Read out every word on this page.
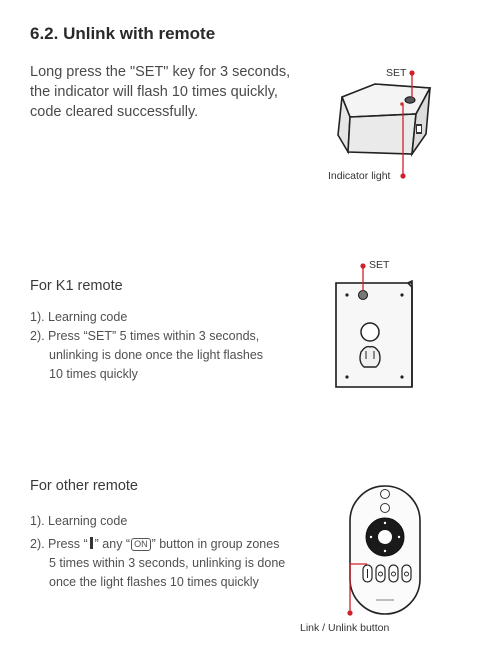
6.2. Unlink with remote
Long press the "SET" key for 3 seconds,
the indicator will flash 10 times quickly,
code cleared successfully.
SET
Indicator light
For K1 remote
1). Learning code
2). Press “SET” 5 times within 3 seconds,
unlinking is done once the light flashes
10 times quickly
SET
For other remote
1). Learning code
2). Press “ ” any “ ON ” button in group zones
5 times within 3 seconds, unlinking is done
once the light flashes 10 times quickly
Link / Unlink button
